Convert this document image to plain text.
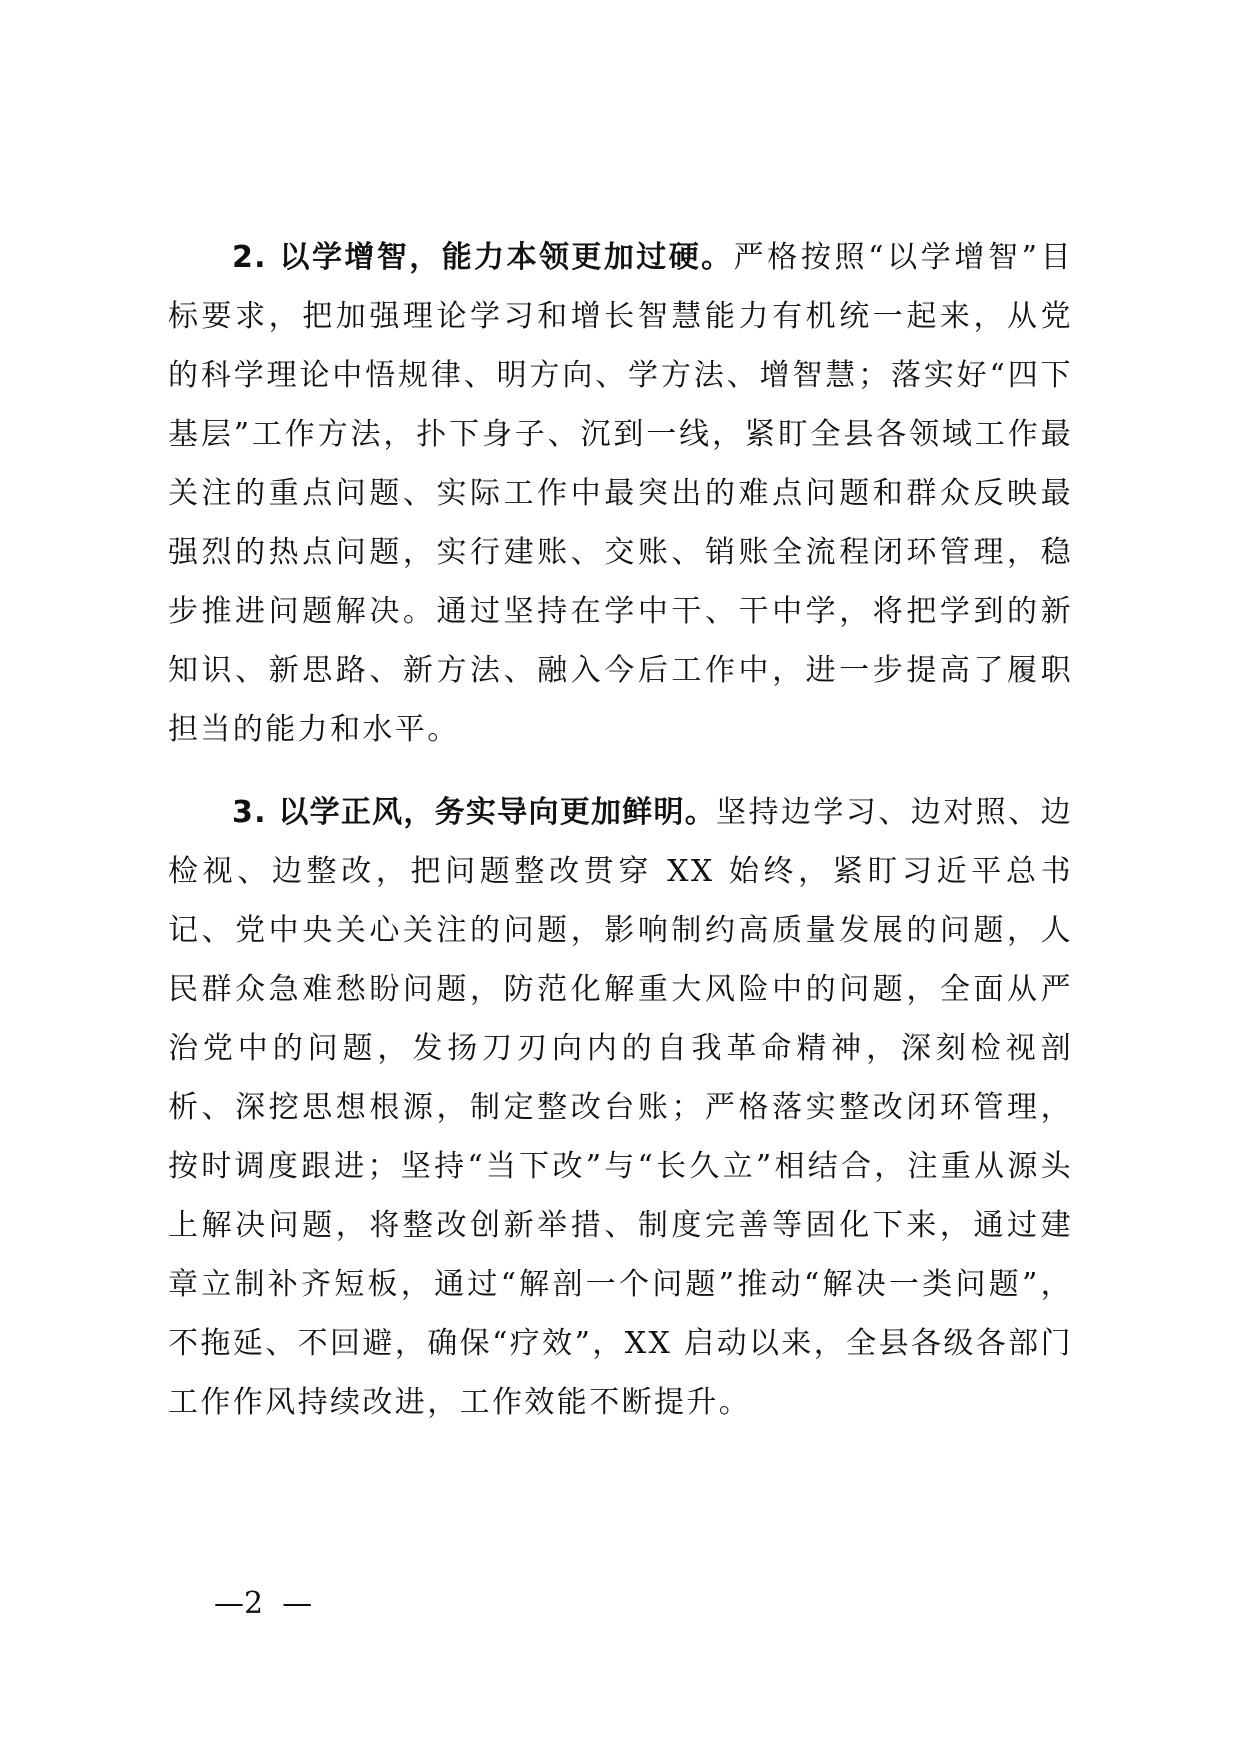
2. 以学增智，能力本领更加过硬。严格按照“以学增智”目标要求，把加强理论学习和增长智慧能力有机统一起来，从党的科学理论中悟规律、明方向、学方法、增智慧；落实好“四下基层”工作方法，扑下身子、沉到一线，紧盯全县各领域工作最关注的重点问题、实际工作中最突出的难点问题和群众反映最强烈的热点问题，实行建账、交账、销账全流程闭环管理，稳步推进问题解决。通过坚持在学中干、干中学，将把学到的新知识、新思路、新方法、融入今后工作中，进一步提高了履职担当的能力和水平。

3. 以学正风，务实导向更加鲜明。坚持边学习、边对照、边检视、边整改，把问题整改贯穿 XX 始终，紧盯习近平总书记、党中央关心关注的问题，影响制约高质量发展的问题，人民群众急难愁盼问题，防范化解重大风险中的问题，全面从严治党中的问题，发扬刀刃向内的自我革命精神，深刻检视剖析、深挖思想根源，制定整改台账；严格落实整改闭环管理，按时调度跟进；坚持“当下改”与“长久立”相结合，注重从源头上解决问题，将整改创新举措、制度完善等固化下来，通过建章立制补齐短板，通过“解剖一个问题”推动“解决一类问题”，不拖延、不回避，确保“疗效”，XX 启动以来，全县各级各部门工作作风持续改进，工作效能不断提升。

—2  —
